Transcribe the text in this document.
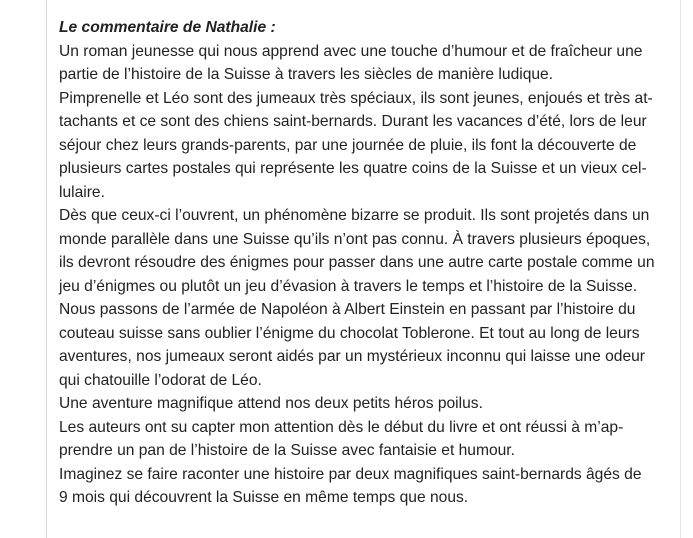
Le commentaire de Nathalie :
Un roman jeunesse qui nous apprend avec une touche d’humour et de fraîcheur une
partie de l’histoire de la Suisse à travers les siècles de manière ludique.
Pimprenelle et Léo sont des jumeaux très spéciaux, ils sont jeunes, enjoués et très at-
tachants et ce sont des chiens saint-bernards. Durant les vacances d’été, lors de leur
séjour chez leurs grands-parents, par une journée de pluie, ils font la découverte de
plusieurs cartes postales qui représente les quatre coins de la Suisse et un vieux cel-
lulaire.
Dès que ceux-ci l’ouvrent, un phénomène bizarre se produit. Ils sont projetés dans un
monde parallèle dans une Suisse qu’ils n’ont pas connu. À travers plusieurs époques,
ils devront résoudre des énigmes pour passer dans une autre carte postale comme un
jeu d’énigmes ou plutôt un jeu d’évasion à travers le temps et l’histoire de la Suisse.
Nous passons de l’armée de Napoléon à Albert Einstein en passant par l’histoire du
couteau suisse sans oublier l’énigme du chocolat Toblerone. Et tout au long de leurs
aventures, nos jumeaux seront aidés par un mystérieux inconnu qui laisse une odeur
qui chatouille l’odorat de Léo.
Une aventure magnifique attend nos deux petits héros poilus.
Les auteurs ont su capter mon attention dès le début du livre et ont réussi à m’ap-
prendre un pan de l’histoire de la Suisse avec fantaisie et humour.
Imaginez se faire raconter une histoire par deux magnifiques saint-bernards âgés de
9 mois qui découvrent la Suisse en même temps que nous.
